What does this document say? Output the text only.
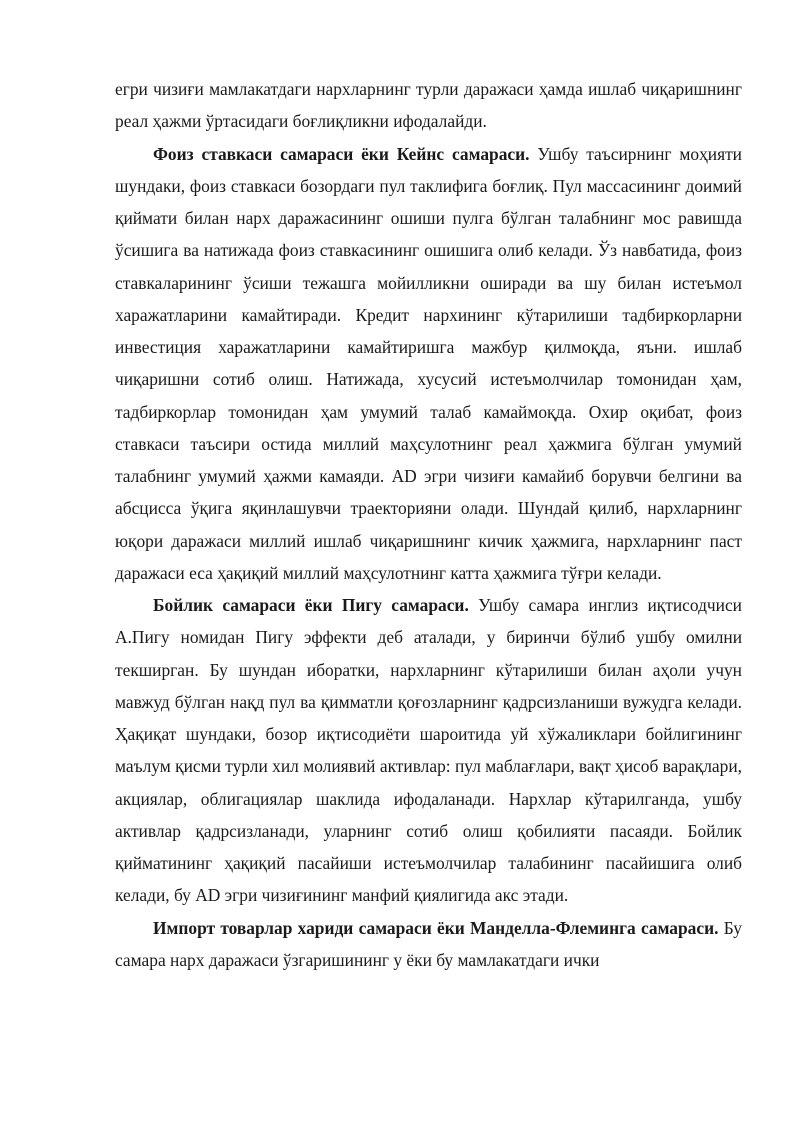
егри чизиғи мамлакатдаги нархларнинг турли даражаси ҳамда ишлаб чиқаришнинг реал ҳажми ўртасидаги боғлиқликни ифодалайди.

Фоиз ставкаси самараси ёки Кейнс самараси. Ушбу таъсирнинг моҳияти шундаки, фоиз ставкаси бозордаги пул таклифига боғлиқ. Пул массасининг доимий қиймати билан нарх даражасининг ошиши пулга бўлган талабнинг мос равишда ўсишига ва натижада фоиз ставкасининг ошишига олиб келади. Ўз навбатида, фоиз ставкаларининг ўсиши тежашга мойилликни оширади ва шу билан истеъмол харажатларини камайтиради. Кредит нархининг кўтарилиши тадбиркорларни инвестиция харажатларини камайтиришга мажбур қилмоқда, яъни. ишлаб чиқаришни сотиб олиш. Натижада, хусусий истеъмолчилар томонидан ҳам, тадбиркорлар томонидан ҳам умумий талаб камаймоқда. Охир оқибат, фоиз ставкаси таъсири остида миллий маҳсулотнинг реал ҳажмига бўлган умумий талабнинг умумий ҳажми камаяди. AD эгри чизиғи камайиб борувчи белгини ва абсцисса ўқига яқинлашувчи траекторияни олади. Шундай қилиб, нархларнинг юқори даражаси миллий ишлаб чиқаришнинг кичик ҳажмига, нархларнинг паст даражаси еса ҳақиқий миллий маҳсулотнинг катта ҳажмига тўғри келади.

Бойлик самараси ёки Пигу самараси. Ушбу самара инглиз иқтисодчиси А.Пигу номидан Пигу эффекти деб аталади, у биринчи бўлиб ушбу омилни текширган. Бу шундан иборатки, нархларнинг кўтарилиши билан аҳоли учун мавжуд бўлган нақд пул ва қимматли қоғозларнинг қадрсизланиши вужудга келади. Ҳақиқат шундаки, бозор иқтисодиёти шароитида уй хўжаликлари бойлигининг маълум қисми турли хил молиявий активлар: пул маблағлари, вақт ҳисоб варақлари, акциялар, облигациялар шаклида ифодаланади. Нархлар кўтарилганда, ушбу активлар қадрсизланади, уларнинг сотиб олиш қобилияти пасаяди. Бойлик қийматининг ҳақиқий пасайиши истеъмолчилар талабининг пасайишига олиб келади, бу AD эгри чизиғининг манфий қиялигида акс этади.

Импорт товарлар хариди самараси ёки Манделла-Флеминга самараси. Бу самара нарх даражаси ўзгаришининг у ёки бу мамлакатдаги ички
